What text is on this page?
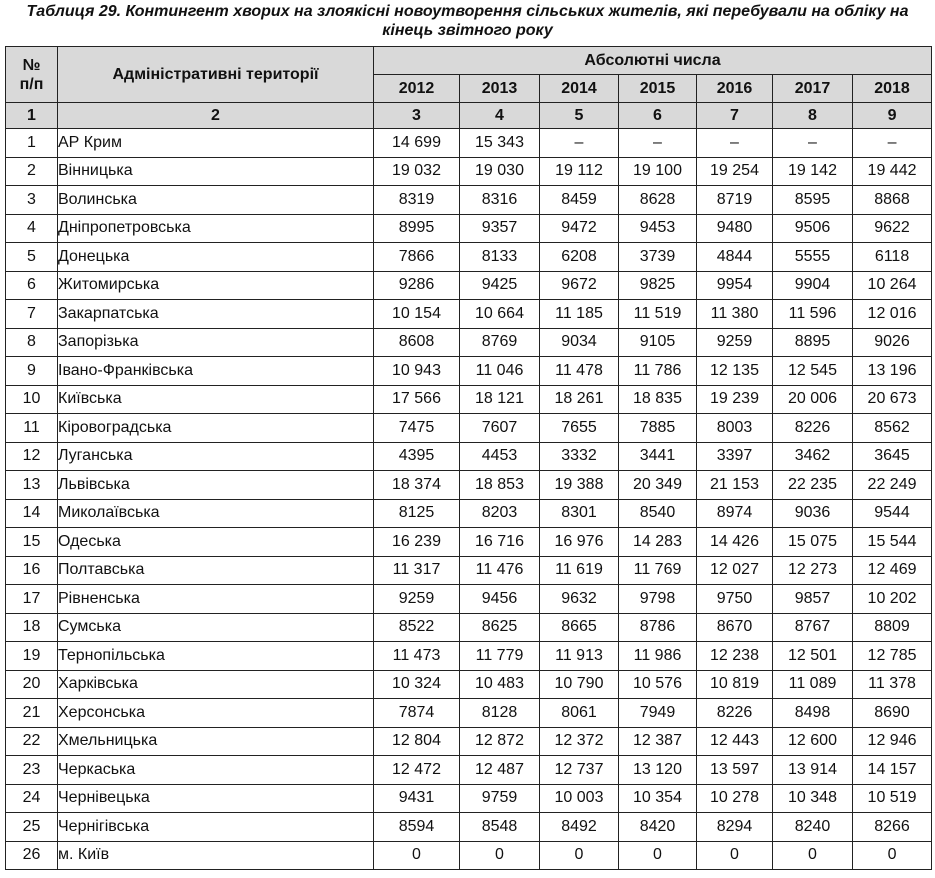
Таблиця 29. Контингент хворих на злоякісні новоутворення сільських жителів, які перебували на обліку на
кінець звітного року
№ п/п	Адміністративні території	Абсолютні числа						
		2012	2013	2014	2015	2016	2017	2018
1	2	3	4	5	6	7	8	9
1	АР Крим	14 699	15 343	–	–	–	–	–
2	Вінницька	19 032	19 030	19 112	19 100	19 254	19 142	19 442
3	Волинська	8319	8316	8459	8628	8719	8595	8868
4	Дніпропетровська	8995	9357	9472	9453	9480	9506	9622
5	Донецька	7866	8133	6208	3739	4844	5555	6118
6	Житомирська	9286	9425	9672	9825	9954	9904	10 264
7	Закарпатська	10 154	10 664	11 185	11 519	11 380	11 596	12 016
8	Запорізька	8608	8769	9034	9105	9259	8895	9026
9	Івано-Франківська	10 943	11 046	11 478	11 786	12 135	12 545	13 196
10	Київська	17 566	18 121	18 261	18 835	19 239	20 006	20 673
11	Кіровоградська	7475	7607	7655	7885	8003	8226	8562
12	Луганська	4395	4453	3332	3441	3397	3462	3645
13	Львівська	18 374	18 853	19 388	20 349	21 153	22 235	22 249
14	Миколаївська	8125	8203	8301	8540	8974	9036	9544
15	Одеська	16 239	16 716	16 976	14 283	14 426	15 075	15 544
16	Полтавська	11 317	11 476	11 619	11 769	12 027	12 273	12 469
17	Рівненська	9259	9456	9632	9798	9750	9857	10 202
18	Сумська	8522	8625	8665	8786	8670	8767	8809
19	Тернопільська	11 473	11 779	11 913	11 986	12 238	12 501	12 785
20	Харківська	10 324	10 483	10 790	10 576	10 819	11 089	11 378
21	Херсонська	7874	8128	8061	7949	8226	8498	8690
22	Хмельницька	12 804	12 872	12 372	12 387	12 443	12 600	12 946
23	Черкаська	12 472	12 487	12 737	13 120	13 597	13 914	14 157
24	Чернівецька	9431	9759	10 003	10 354	10 278	10 348	10 519
25	Чернігівська	8594	8548	8492	8420	8294	8240	8266
26	м. Київ	0	0	0	0	0	0	0
